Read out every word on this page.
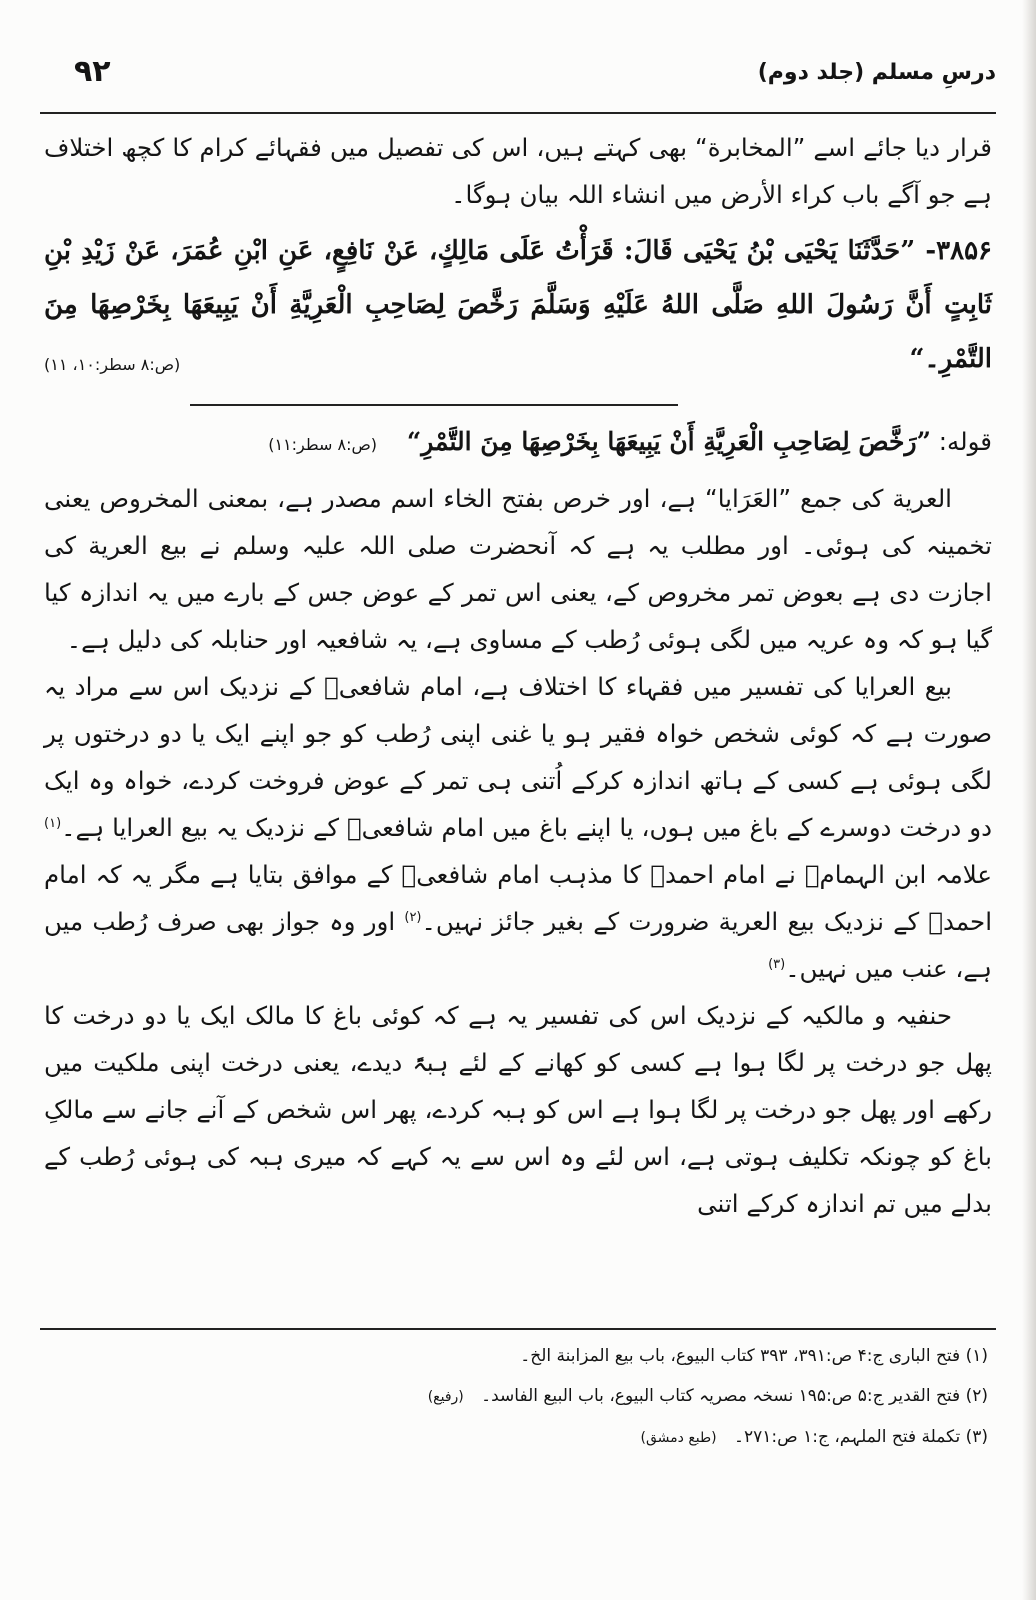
درسِ مسلم (جلد دوم)
۹۲

قرار دیا جائے اسے ”المخابرة“ بھی کہتے ہیں، اس کی تفصیل میں فقہائے کرام کا کچھ اختلاف ہے جو آگے باب کراء الأرض میں انشاء اللہ بیان ہوگا۔

۳۸۵۶- ”حَدَّثَنَا يَحْيَى بْنُ يَحْيَى قَالَ: قَرَأْتُ عَلَى مَالِكٍ، عَنْ نَافِعٍ، عَنِ ابْنِ عُمَرَ، عَنْ زَيْدِ بْنِ ثَابِتٍ أَنَّ رَسُولَ اللهِ صَلَّى اللهُ عَلَيْهِ وَسَلَّمَ رَخَّصَ لِصَاحِبِ الْعَرِيَّةِ أَنْ يَبِيعَهَا بِخَرْصِهَا مِنَ التَّمْرِ۔“
(ص:۸ سطر:۱۰، ۱۱)

قوله: ”رَخَّصَ لِصَاحِبِ الْعَرِيَّةِ أَنْ يَبِيعَهَا بِخَرْصِهَا مِنَ التَّمْرِ“ (ص:۸ سطر:۱۱)

العرية کی جمع ”العَرَايا“ ہے، اور خرص بفتح الخاء اسم مصدر ہے، بمعنی المخروص یعنی تخمینہ کی ہوئی۔ اور مطلب یہ ہے کہ آنحضرت صلی اللہ علیہ وسلم نے بیع العرية کی اجازت دی ہے بعوض تمر مخروص کے، یعنی اس تمر کے عوض جس کے بارے میں یہ اندازہ کیا گیا ہو کہ وہ عریہ میں لگی ہوئی رُطب کے مساوی ہے، یہ شافعیہ اور حنابلہ کی دلیل ہے۔

بیع العرایا کی تفسیر میں فقہاء کا اختلاف ہے، امام شافعیؒ کے نزدیک اس سے مراد یہ صورت ہے کہ کوئی شخص خواہ فقیر ہو یا غنی اپنی رُطب کو جو اپنے ایک یا دو درختوں پر لگی ہوئی ہے کسی کے ہاتھ اندازہ کرکے اُتنی ہی تمر کے عوض فروخت کردے، خواہ وہ ایک دو درخت دوسرے کے باغ میں ہوں، یا اپنے باغ میں امام شافعیؒ کے نزدیک یہ بیع العرایا ہے۔$^{(۱)}$ علامہ ابن الہمامؒ نے امام احمدؒ کا مذہب امام شافعیؒ کے موافق بتایا ہے مگر یہ کہ امام احمدؒ کے نزدیک بیع العرية ضرورت کے بغیر جائز نہیں۔$^{(۲)}$ اور وہ جواز بھی صرف رُطب میں ہے، عنب میں نہیں۔$^{(۳)}$

حنفیہ و مالکیہ کے نزدیک اس کی تفسیر یہ ہے کہ کوئی باغ کا مالک ایک یا دو درخت کا پھل جو درخت پر لگا ہوا ہے کسی کو کھانے کے لئے ہبۃً دیدے، یعنی درخت اپنی ملکیت میں رکھے اور پھل جو درخت پر لگا ہوا ہے اس کو ہبہ کردے، پھر اس شخص کے آنے جانے سے مالکِ باغ کو چونکہ تکلیف ہوتی ہے، اس لئے وہ اس سے یہ کہے کہ میری ہبہ کی ہوئی رُطب کے بدلے میں تم اندازہ کرکے اتنی

(۱) فتح الباری ج:۴ ص:۳۹۱، ۳۹۳ کتاب البیوع، باب بیع المزابنة الخ۔

(۲) فتح القدیر ج:۵ ص:۱۹۵ نسخہ مصریہ کتاب البیوع، باب البیع الفاسد۔ (رفیع)

(۳) تکملة فتح الملہم، ج:۱ ص:۲۷۱۔ (طبع دمشق)
